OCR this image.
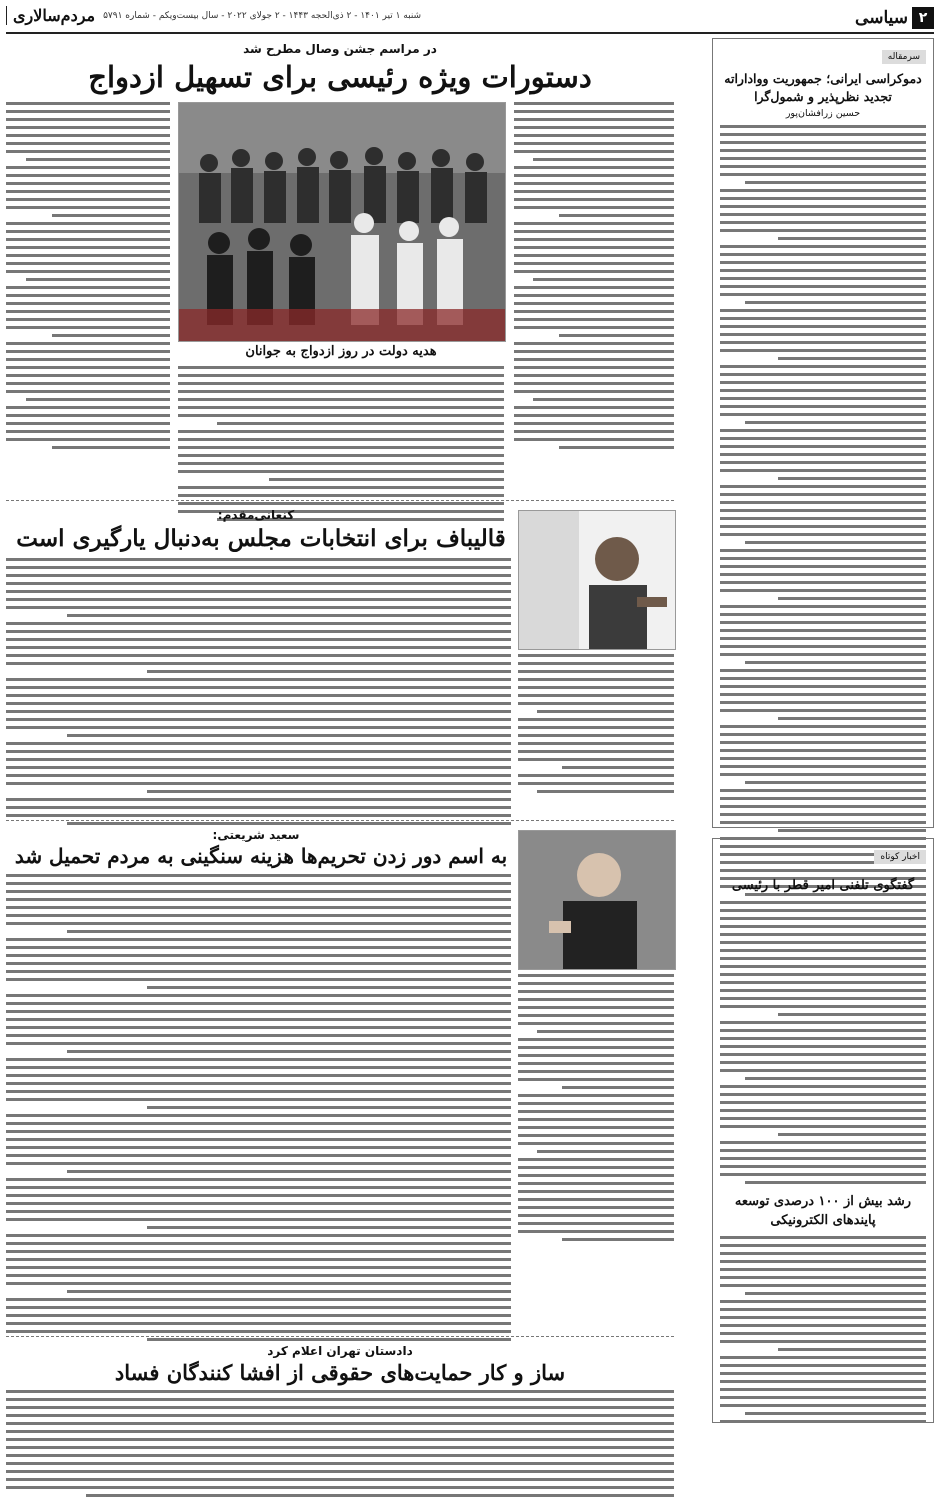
۲
سیاسی
شنبه ۱ تیر ۱۴۰۱ - ۲ ذی‌الحجه ۱۴۴۳ - ۲ جولای ۲۰۲۲ - سال بیست‌ویکم - شماره ۵۷۹۱
مردم‌سالاری
سرمقاله
دموکراسی ایرانی؛ جمهوریت وواداراته تجدید نظرپذیر و شمول‌گرا
حسین زرافشان‌پور
اخبار کوتاه
گفتگوی تلفنی امیر قطر با رئیسی
رشد بیش از ۱۰۰ درصدی توسعه پایندهای الکترونیکی
در مراسم جشن وصال مطرح شد
دستورات ویژه رئیسی برای تسهیل ازدواج
هدیه دولت در روز ازدواج به جوانان
کنعانی‌مقدم:
قالیباف برای انتخابات مجلس به‌دنبال یارگیری است
سعید شریعتی:
به اسم دور زدن تحریم‌ها هزینه سنگینی به مردم تحمیل شد
دادستان تهران اعلام کرد
ساز و کار حمایت‌های حقوقی از افشا کنندگان فساد
